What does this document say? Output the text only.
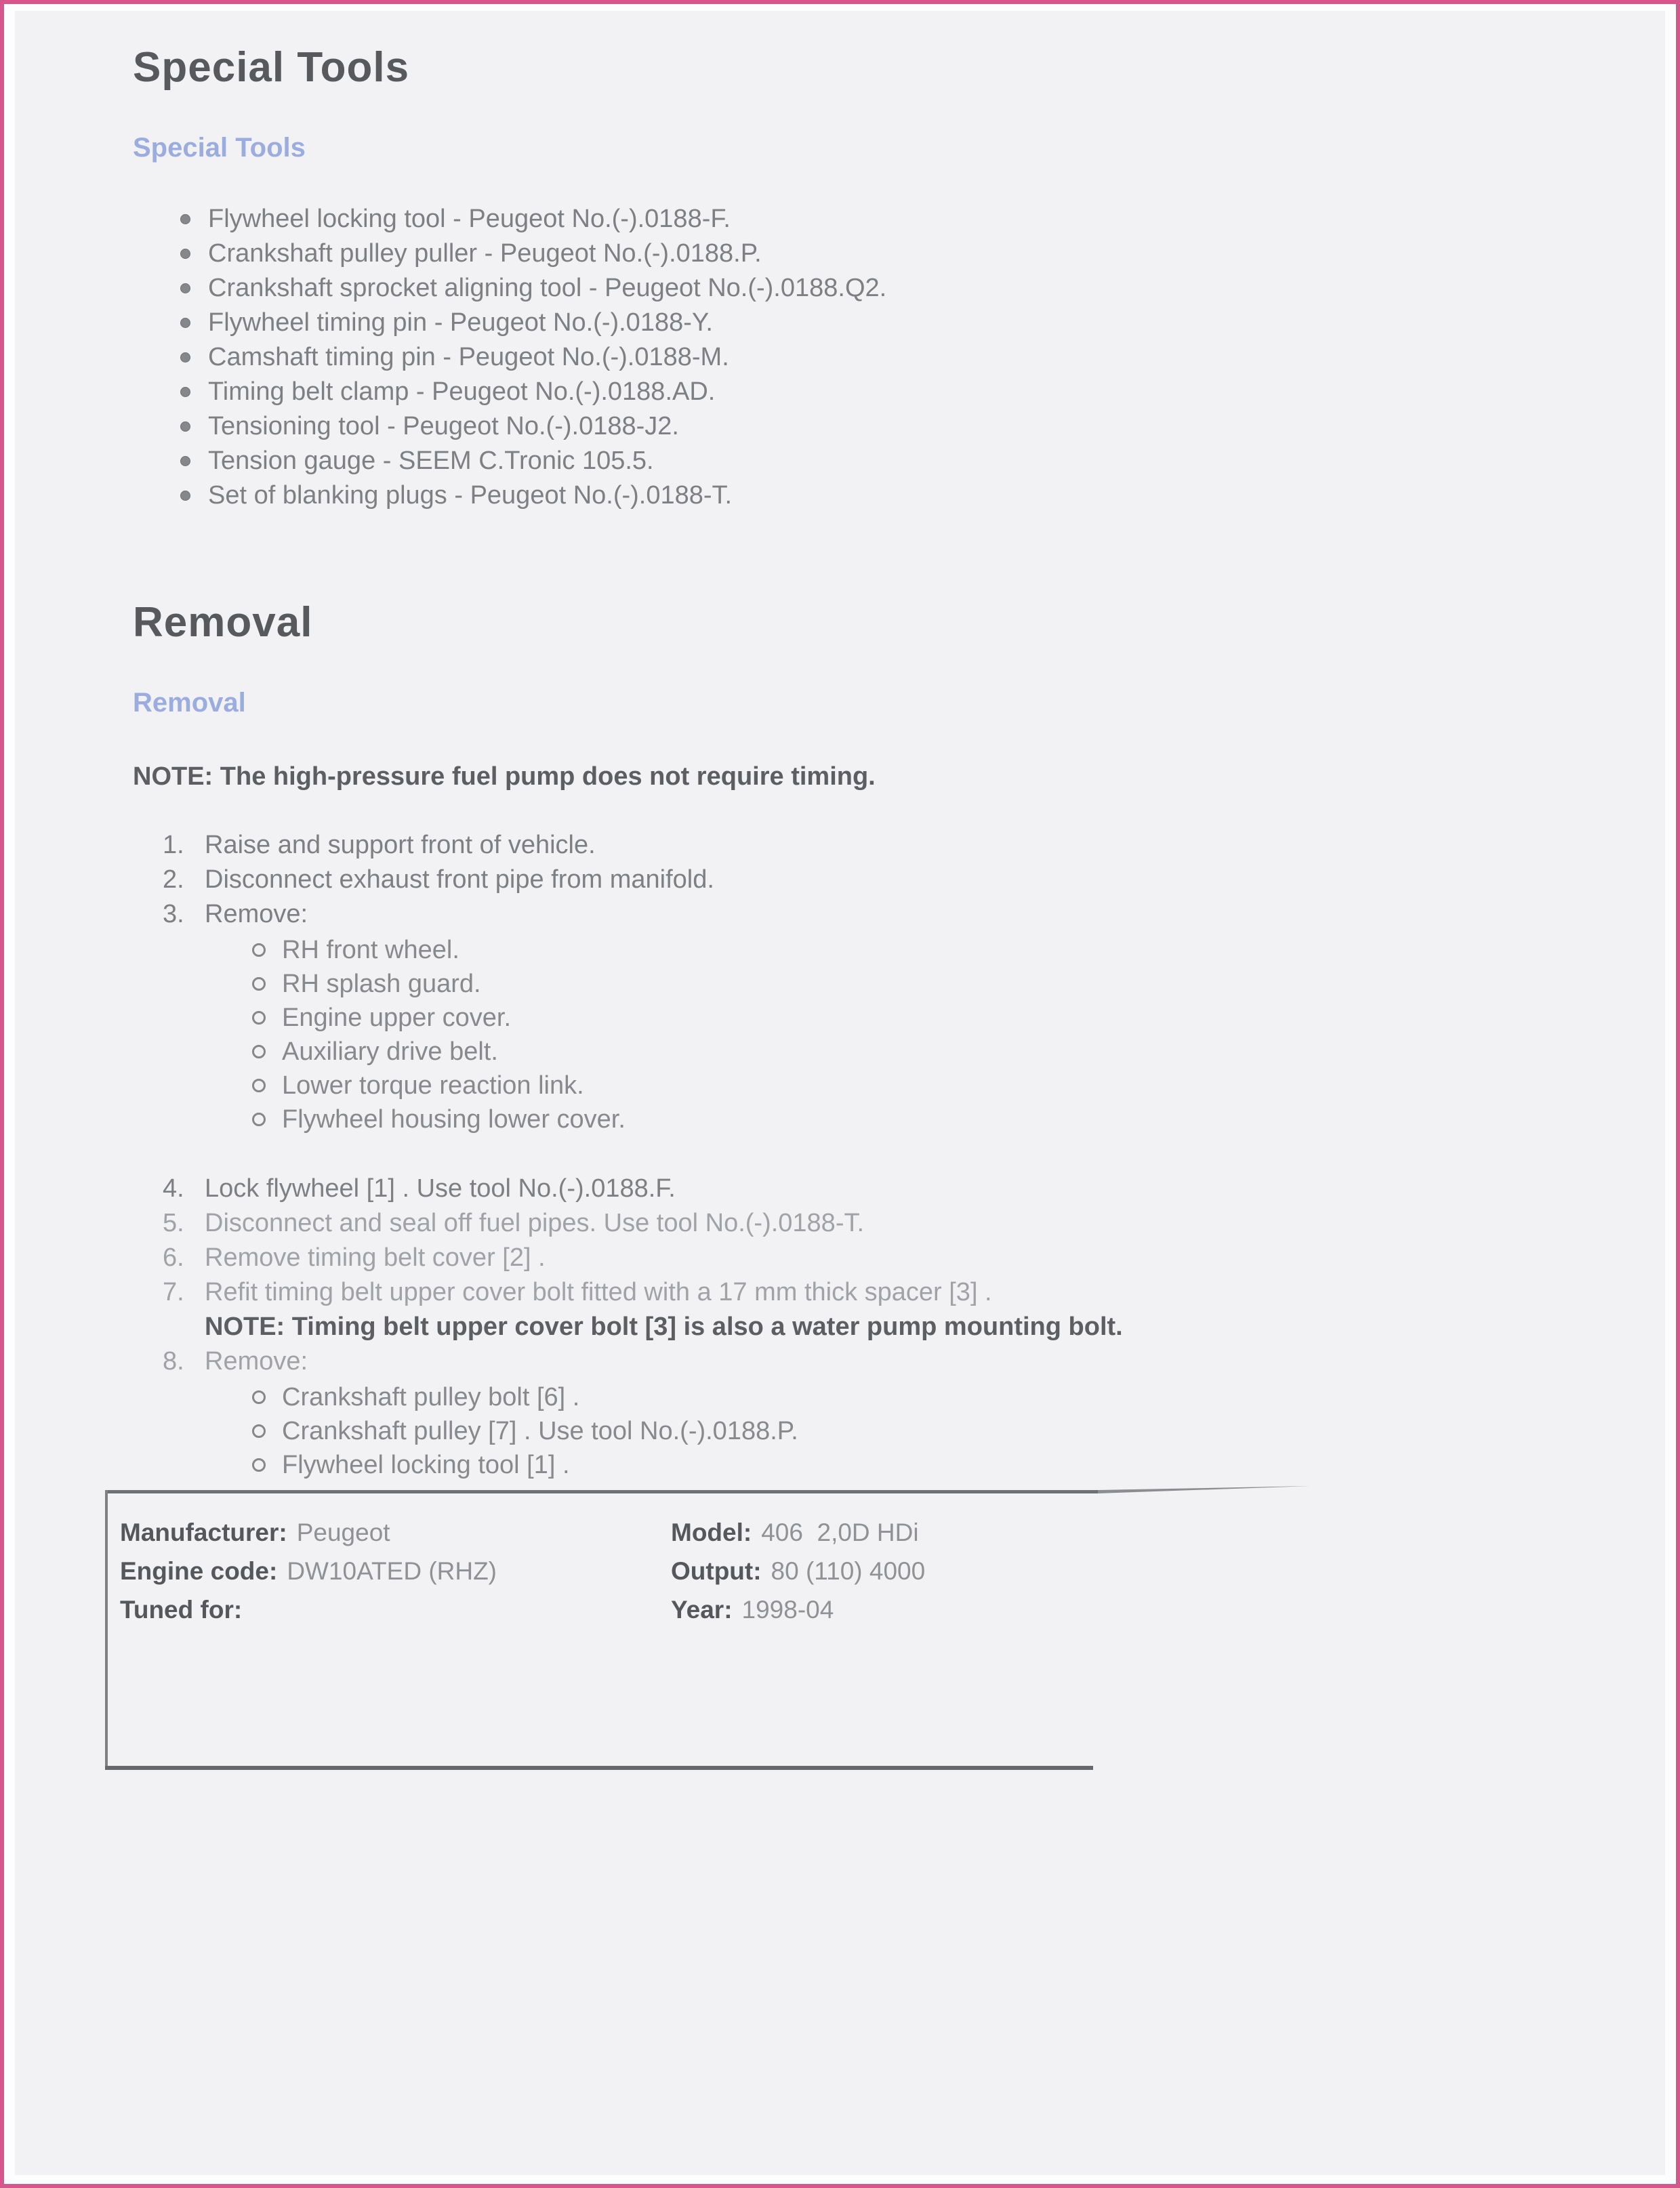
Special Tools
Special Tools
Flywheel locking tool - Peugeot No.(-).0188-F.
Crankshaft pulley puller - Peugeot No.(-).0188.P.
Crankshaft sprocket aligning tool - Peugeot No.(-).0188.Q2.
Flywheel timing pin - Peugeot No.(-).0188-Y.
Camshaft timing pin - Peugeot No.(-).0188-M.
Timing belt clamp - Peugeot No.(-).0188.AD.
Tensioning tool - Peugeot No.(-).0188-J2.
Tension gauge - SEEM C.Tronic 105.5.
Set of blanking plugs - Peugeot No.(-).0188-T.
Removal
Removal

NOTE: The high-pressure fuel pump does not require timing.

1. Raise and support front of vehicle.
2. Disconnect exhaust front pipe from manifold.
3. Remove:
RH front wheel.
RH splash guard.
Engine upper cover.
Auxiliary drive belt.
Lower torque reaction link.
Flywheel housing lower cover.
4. Lock flywheel [1] . Use tool No.(-).0188.F.
5. Disconnect and seal off fuel pipes. Use tool No.(-).0188-T.
6. Remove timing belt cover [2] .
7. Refit timing belt upper cover bolt fitted with a 17 mm thick spacer [3] .
NOTE: Timing belt upper cover bolt [3] is also a water pump mounting bolt.
8. Remove:
Crankshaft pulley bolt [6] .
Crankshaft pulley [7] . Use tool No.(-).0188.P.
Flywheel locking tool [1] .
Manufacturer: Peugeot	Model: 406  2,0D HDi
Engine code: DW10ATED (RHZ)	Output: 80 (110) 4000
Tuned for:	Year: 1998-04
